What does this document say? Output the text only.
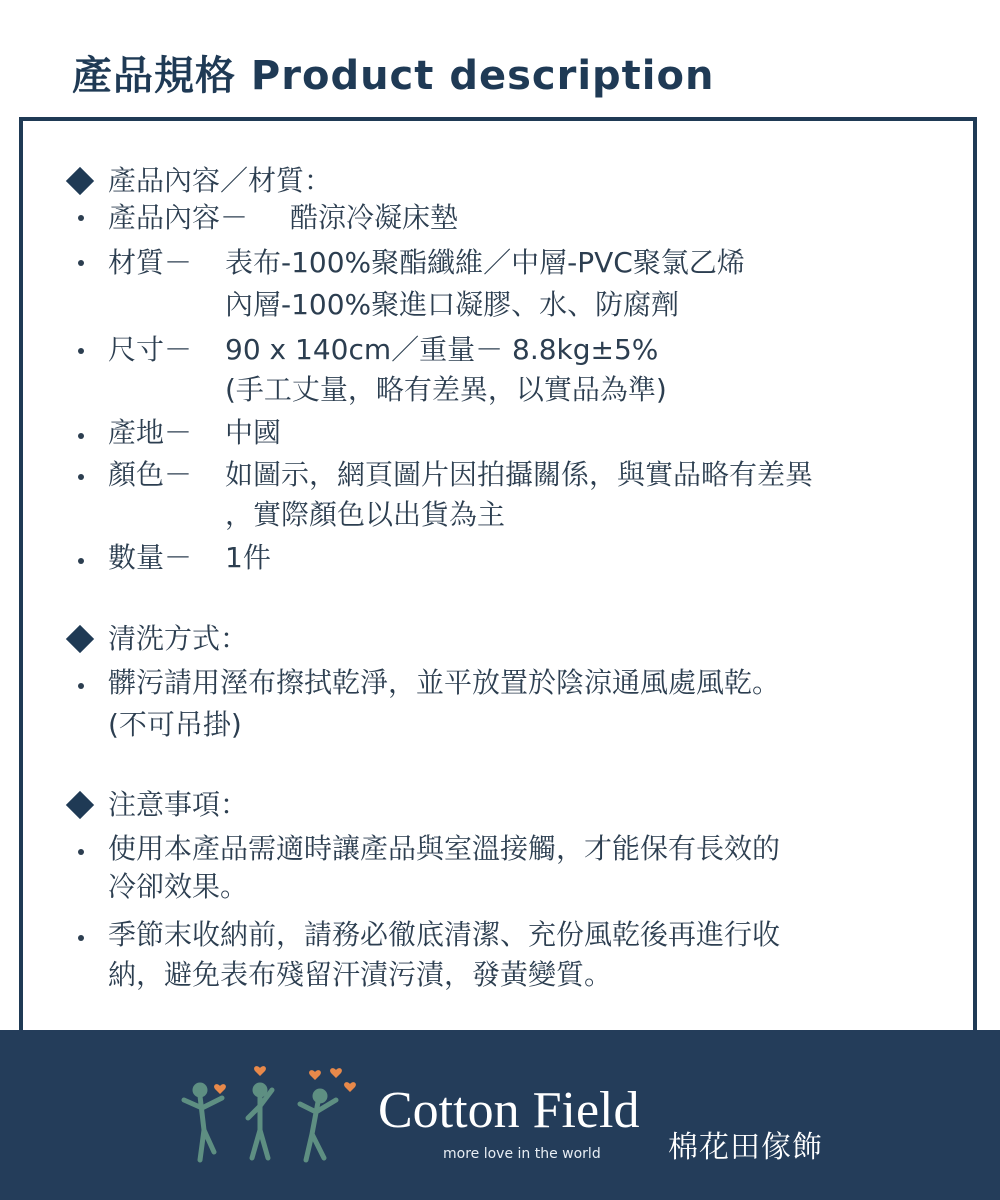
產品規格 Product description
產品內容／材質：
產品內容－ 酷涼冷凝床墊
材質－ 表布-100%聚酯纖維／中層-PVC聚氯乙烯
內層-100%聚進口凝膠、水、防腐劑
尺寸－ 90 x 140cm／重量－ 8.8kg±5%
(手工丈量，略有差異，以實品為準)
產地－ 中國
顏色－ 如圖示，網頁圖片因拍攝關係，與實品略有差異
，實際顏色以出貨為主
數量－ 1件
清洗方式：
髒污請用溼布擦拭乾淨，並平放置於陰涼通風處風乾。
(不可吊掛)
注意事項：
使用本產品需適時讓產品與室溫接觸，才能保有長效的
冷卻效果。
季節末收納前，請務必徹底清潔、充份風乾後再進行收
納，避免表布殘留汗漬污漬，發黃變質。
Cotton Field
more love in the world 棉花田傢飾
